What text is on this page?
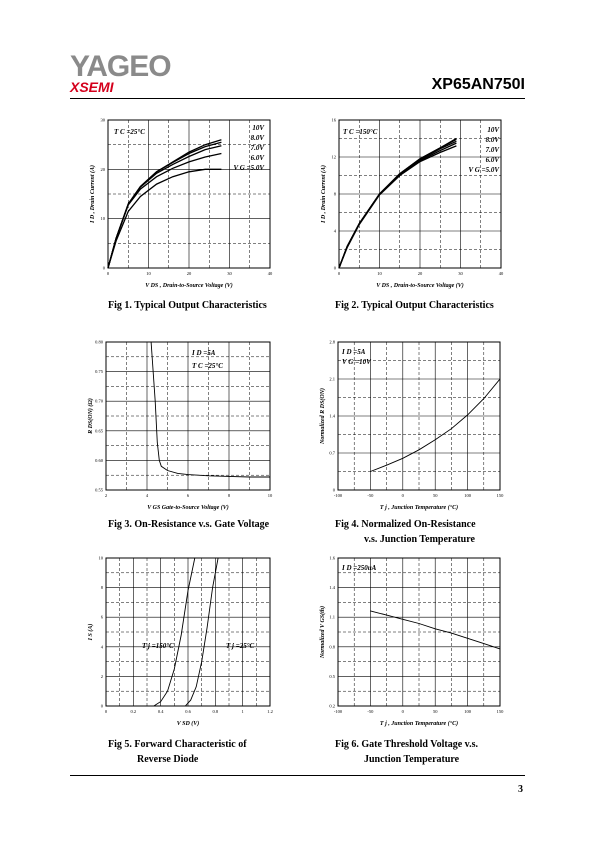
YAGEO
XSEMI	XP65AN750I
0	10	20	30	40
0
10
20
30
V DS , Drain-to-Source Voltage (V)
I D , Drain Current (A)
T C =25°C	10V
8.0V
7.0V
6.0V
V G =5.0V
0	10	20	30	40
0
4
8
12
16
V DS , Drain-to-Source Voltage (V)
I D , Drain Current (A)
T C =150°C	10V
8.0V
7.0V
6.0V
V G =5.0V
2	4	6	8	10
0.55
0.60
0.65
0.70
0.75
0.80
V GS Gate-to-Source Voltage (V)
R DS(ON) (Ω)
I D =5A
T C =25°C
-100	-50	0	50	100	150
0
0.7
1.4
2.1
2.8
T j , Junction Temperature (°C)
Normalized R DS(ON)
I D =5A
V G =10V
0	0.2	0.4	0.6	0.8	1	1.2
0
2
4
6
8
10
V SD (V)
I S (A)
T j =150°C	T j =25°C
-100	-50	0	50	100	150
0.2
0.5
0.8
1.1
1.4
1.6
T j , Junction Temperature (°C)
Normalized V GS(th)
I D =250uA
Fig 1. Typical Output Characteristics	Fig 2. Typical Output Characteristics
Fig 3. On-Resistance v.s. Gate Voltage	Fig 4. Normalized On-Resistance
v.s. Junction Temperature
Fig 5. Forward Characteristic of
Reverse Diode
Fig 6. Gate Threshold Voltage v.s.
Junction Temperature
3
